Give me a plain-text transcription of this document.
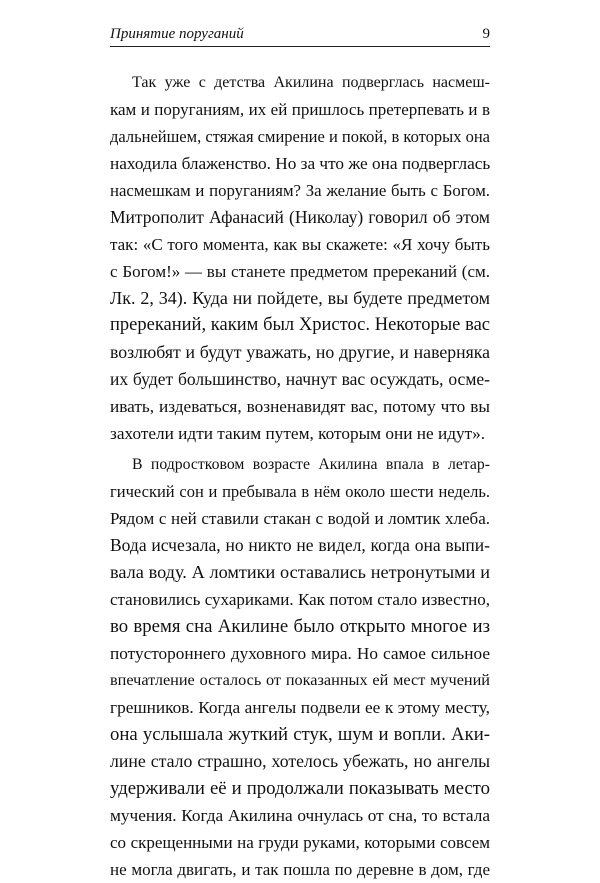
Принятие поруганий	9
Так уже с детства Акилина подверглась насмеш-
кам и поруганиям, их ей пришлось претерпевать и в
дальнейшем, стяжая смирение и покой, в которых она
находила блаженство. Но за что же она подверглась
насмешкам и поруганиям? За желание быть с Богом.
Митрополит Афанасий (Николау) говорил об этом
так: «С того момента, как вы скажете: «Я хочу быть
с Богом!» — вы станете предметом пререканий (см.
Лк. 2, 34). Куда ни пойдете, вы будете предметом
пререканий, каким был Христос. Некоторые вас
возлюбят и будут уважать, но другие, и наверняка
их будет большинство, начнут вас осуждать, осме-
ивать, издеваться, возненавидят вас, потому что вы
захотели идти таким путем, которым они не идут».
В подростковом возрасте Акилина впала в летар-
гический сон и пребывала в нём около шести недель.
Рядом с ней ставили стакан с водой и ломтик хлеба.
Вода исчезала, но никто не видел, когда она выпи-
вала воду. А ломтики оставались нетронутыми и
становились сухариками. Как потом стало известно,
во время сна Акилине было открыто многое из
потустороннего духовного мира. Но самое сильное
впечатление осталось от показанных ей мест мучений
грешников. Когда ангелы подвели ее к этому месту,
она услышала жуткий стук, шум и вопли. Аки-
лине стало страшно, хотелось убежать, но ангелы
удерживали её и продолжали показывать место
мучения. Когда Акилина очнулась от сна, то встала
со скрещенными на груди руками, которыми совсем
не могла двигать, и так пошла по деревне в дом, где
